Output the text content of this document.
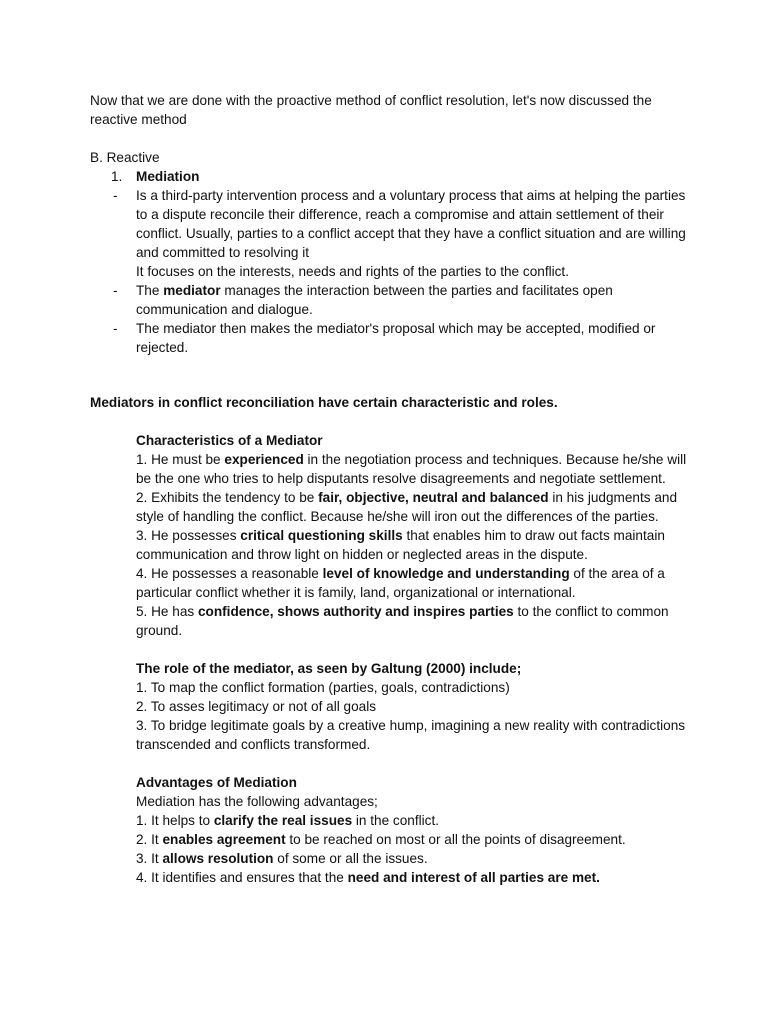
Now that we are done with the proactive method of conflict resolution, let's now discussed the reactive method

B. Reactive

1. Mediation
- Is a third-party intervention process and a voluntary process that aims at helping the parties to a dispute reconcile their difference, reach a compromise and attain settlement of their conflict. Usually, parties to a conflict accept that they have a conflict situation and are willing and committed to resolving it

It focuses on the interests, needs and rights of the parties to the conflict.

- The mediator manages the interaction between the parties and facilitates open communication and dialogue.

- The mediator then makes the mediator's proposal which may be accepted, modified or rejected.

Mediators in conflict reconciliation have certain characteristic and roles.

Characteristics of a Mediator

1. He must be experienced in the negotiation process and techniques. Because he/she will be the one who tries to help disputants resolve disagreements and negotiate settlement.

2. Exhibits the tendency to be fair, objective, neutral and balanced in his judgments and style of handling the conflict. Because he/she will iron out the differences of the parties.

3. He possesses critical questioning skills that enables him to draw out facts maintain communication and throw light on hidden or neglected areas in the dispute.

4. He possesses a reasonable level of knowledge and understanding of the area of a particular conflict whether it is family, land, organizational or international.

5. He has confidence, shows authority and inspires parties to the conflict to common ground.

The role of the mediator, as seen by Galtung (2000) include;

1. To map the conflict formation (parties, goals, contradictions)

2. To asses legitimacy or not of all goals

3. To bridge legitimate goals by a creative hump, imagining a new reality with contradictions transcended and conflicts transformed.

Advantages of Mediation

Mediation has the following advantages;

1. It helps to clarify the real issues in the conflict.

2. It enables agreement to be reached on most or all the points of disagreement.

3. It allows resolution of some or all the issues.

4. It identifies and ensures that the need and interest of all parties are met.
